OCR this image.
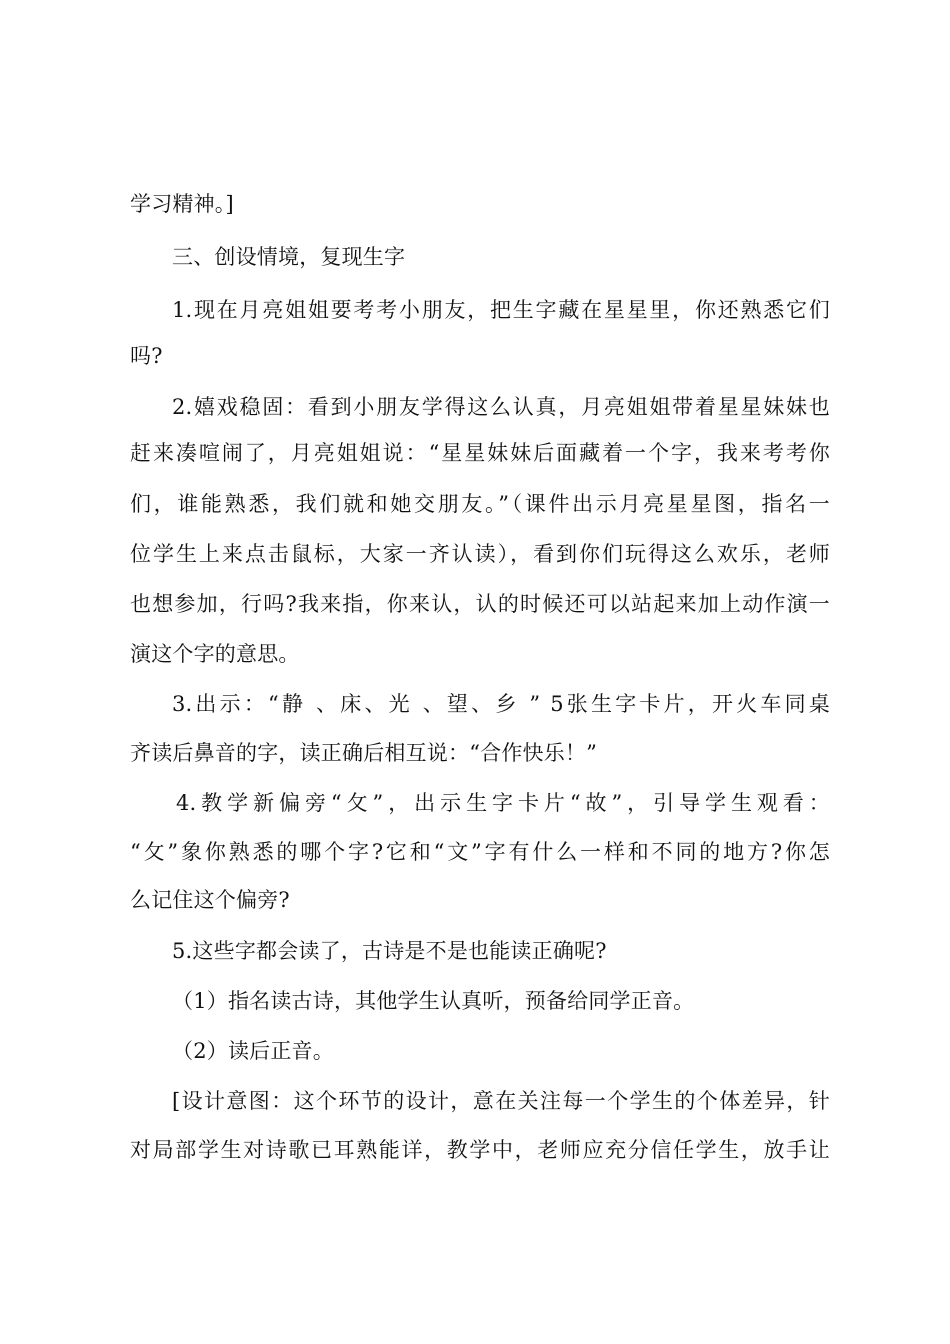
学习精神。]
三、创设情境，复现生字
1.现在月亮姐姐要考考小朋友，把生字藏在星星里，你还熟悉它们
吗?
2.嬉戏稳固：看到小朋友学得这么认真，月亮姐姐带着星星妹妹也
赶来凑喧闹了，月亮姐姐说：“星星妹妹后面藏着一个字，我来考考你
们，谁能熟悉，我们就和她交朋友。”（课件出示月亮星星图，指名一
位学生上来点击鼠标，大家一齐认读），看到你们玩得这么欢乐，老师
也想参加，行吗?我来指，你来认，认的时候还可以站起来加上动作演一
演这个字的意思。
3.出示：“静 、床、光 、望、乡 ” 5张生字卡片，开火车同桌
齐读后鼻音的字，读正确后相互说：“合作快乐！”
4.教学新偏旁“攵”，出示生字卡片“故”，引导学生观看：
“攵”象你熟悉的哪个字?它和“文”字有什么一样和不同的地方?你怎
么记住这个偏旁?
5.这些字都会读了，古诗是不是也能读正确呢?
（1）指名读古诗，其他学生认真听，预备给同学正音。
（2）读后正音。
[设计意图：这个环节的设计，意在关注每一个学生的个体差异，针
对局部学生对诗歌已耳熟能详，教学中，老师应充分信任学生，放手让
